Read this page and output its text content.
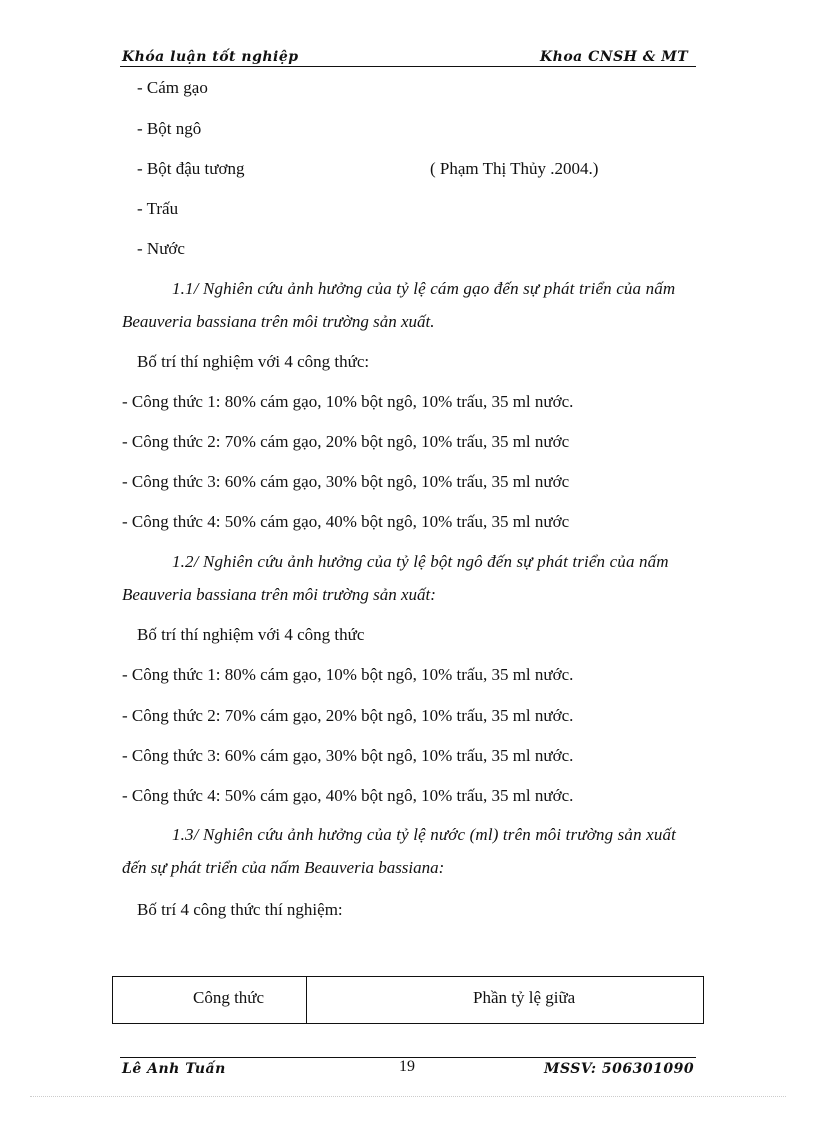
Khóa luận tốt nghiệp	Khoa CNSH & MT
- Cám gạo
- Bột ngô
- Bột đậu tương	( Phạm Thị Thủy .2004.)
- Trấu
- Nước
1.1/ Nghiên cứu ảnh hưởng của tỷ lệ cám gạo đến sự phát triển của nấm
Beauveria bassiana trên môi trường sản xuất.
Bố trí thí nghiệm với 4 công thức:
- Công thức 1: 80% cám gạo, 10% bột ngô, 10% trấu, 35 ml nước.
- Công thức 2: 70% cám gạo, 20% bột ngô, 10% trấu, 35 ml nước
- Công thức 3: 60% cám gạo, 30% bột ngô, 10% trấu, 35 ml nước
- Công thức 4: 50% cám gạo, 40% bột ngô, 10% trấu, 35 ml nước
1.2/ Nghiên cứu ảnh hưởng của tỷ lệ bột ngô đến sự phát triển của nấm
Beauveria bassiana trên môi trường sản xuất:
Bố trí thí nghiệm với 4 công thức
- Công thức 1: 80% cám gạo, 10% bột ngô, 10% trấu, 35 ml nước.
- Công thức 2: 70% cám gạo, 20% bột ngô, 10% trấu, 35 ml nước.
- Công thức 3: 60% cám gạo, 30% bột ngô, 10% trấu, 35 ml nước.
- Công thức 4: 50% cám gạo, 40% bột ngô, 10% trấu, 35 ml nước.
1.3/ Nghiên cứu ảnh hưởng của tỷ lệ nước (ml) trên môi trường sản xuất
đến sự phát triển của nấm Beauveria bassiana:
Bố trí 4 công thức thí nghiệm:
Công thức	Phần tỷ lệ giữa
Lê Anh Tuấn	19	MSSV: 506301090
